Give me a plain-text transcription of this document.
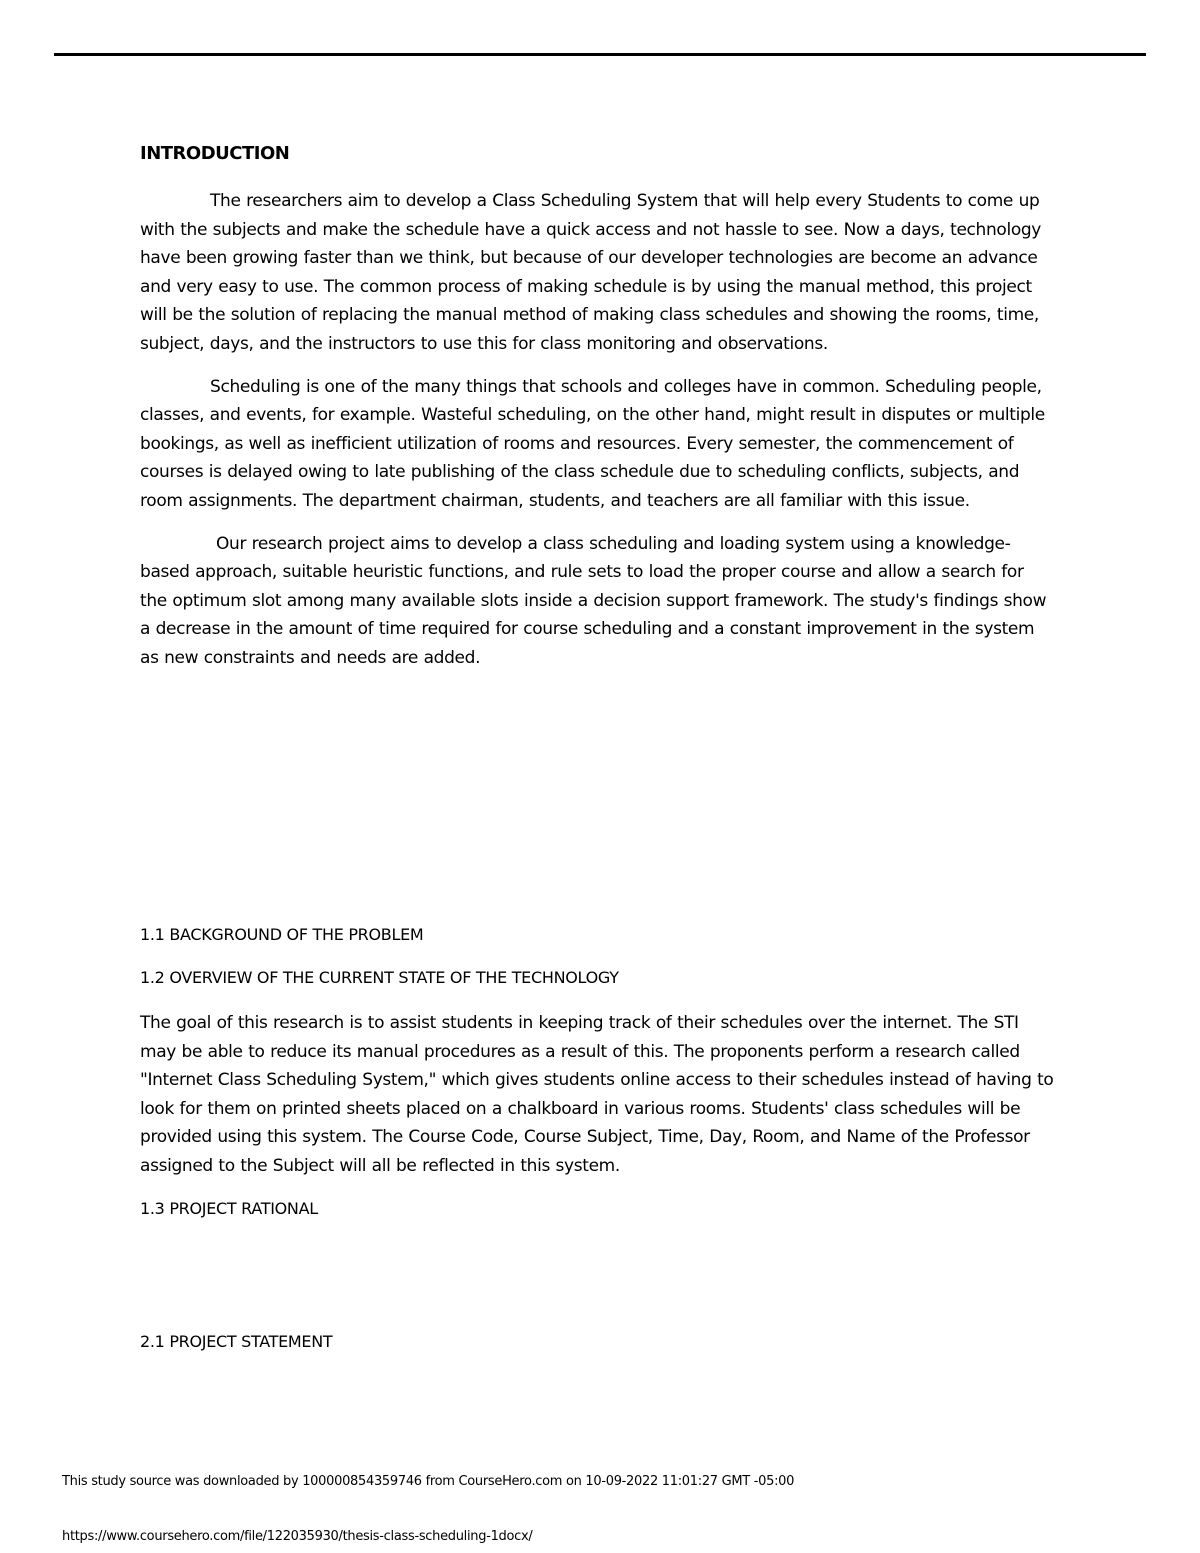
INTRODUCTION

The researchers aim to develop a Class Scheduling System that will help every Students to come up with the subjects and make the schedule have a quick access and not hassle to see. Now a days, technology have been growing faster than we think, but because of our developer technologies are become an advance and very easy to use. The common process of making schedule is by using the manual method, this project will be the solution of replacing the manual method of making class schedules and showing the rooms, time, subject, days, and the instructors to use this for class monitoring and observations.

Scheduling is one of the many things that schools and colleges have in common. Scheduling people, classes, and events, for example. Wasteful scheduling, on the other hand, might result in disputes or multiple bookings, as well as inefficient utilization of rooms and resources. Every semester, the commencement of courses is delayed owing to late publishing of the class schedule due to scheduling conflicts, subjects, and room assignments. The department chairman, students, and teachers are all familiar with this issue.

Our research project aims to develop a class scheduling and loading system using a knowledge-based approach, suitable heuristic functions, and rule sets to load the proper course and allow a search for the optimum slot among many available slots inside a decision support framework. The study's findings show a decrease in the amount of time required for course scheduling and a constant improvement in the system as new constraints and needs are added.

1.1 BACKGROUND OF THE PROBLEM
1.2 OVERVIEW OF THE CURRENT STATE OF THE TECHNOLOGY

The goal of this research is to assist students in keeping track of their schedules over the internet. The STI may be able to reduce its manual procedures as a result of this. The proponents perform a research called "Internet Class Scheduling System," which gives students online access to their schedules instead of having to look for them on printed sheets placed on a chalkboard in various rooms. Students' class schedules will be provided using this system. The Course Code, Course Subject, Time, Day, Room, and Name of the Professor assigned to the Subject will all be reflected in this system.

1.3 PROJECT RATIONAL
2.1 PROJECT STATEMENT
This study source was downloaded by 100000854359746 from CourseHero.com on 10-09-2022 11:01:27 GMT -05:00
https://www.coursehero.com/file/122035930/thesis-class-scheduling-1docx/
